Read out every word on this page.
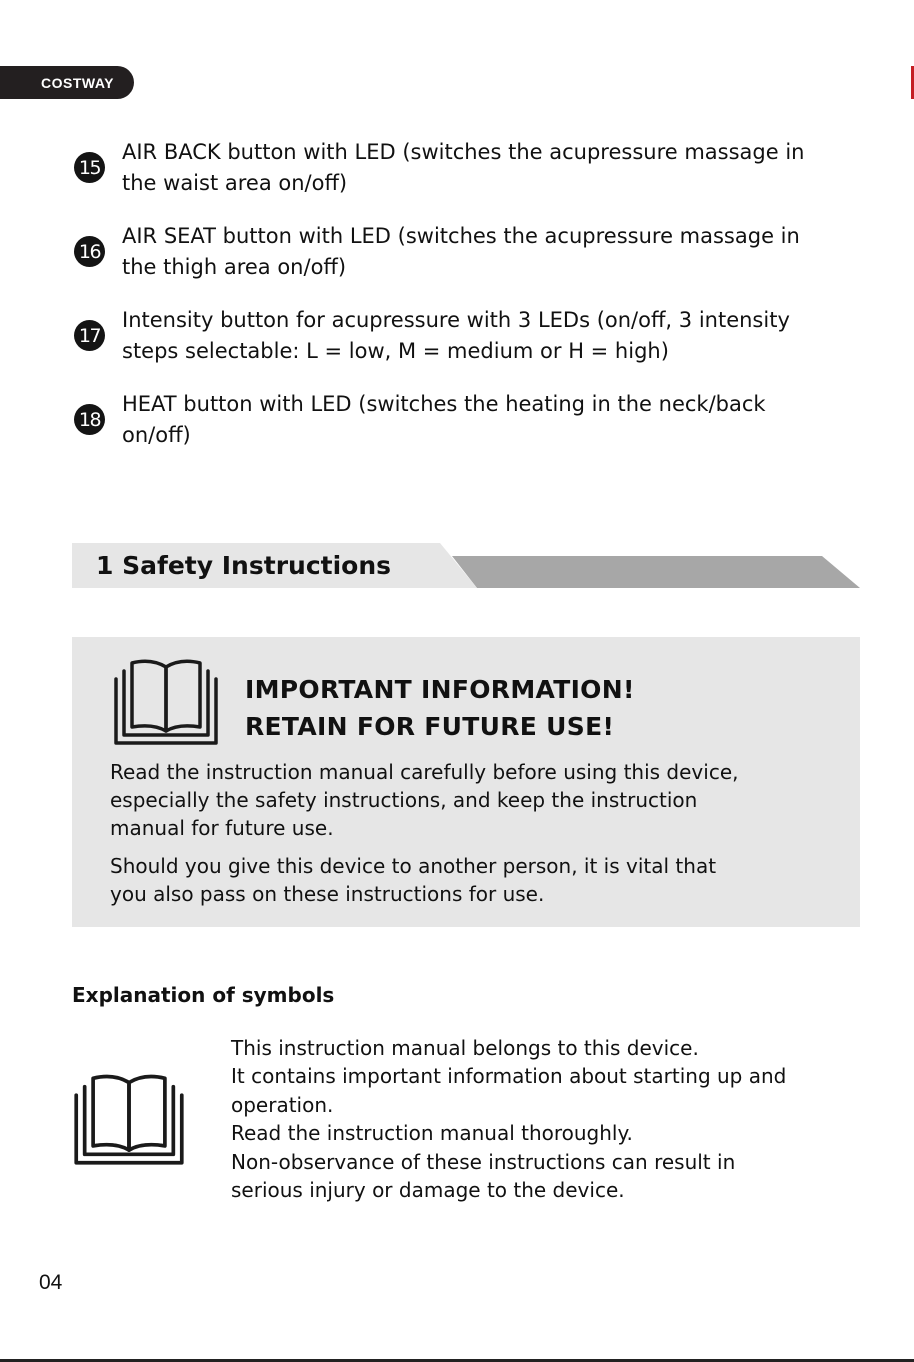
COSTWAY
15

AIR BACK button with LED (switches the acupressure massage in
the waist area on/off)

16

AIR SEAT button with LED (switches the acupressure massage in
the thigh area on/off)

17

Intensity button for acupressure with 3 LEDs (on/off, 3 intensity
steps selectable: L = low, M = medium or H = high)

18

HEAT button with LED (switches the heating in the neck/back
on/off)

1 Safety Instructions

IMPORTANT INFORMATION!
RETAIN FOR FUTURE USE!

Read the instruction manual carefully before using this device,
especially the safety instructions, and keep the instruction
manual for future use.

Should you give this device to another person, it is vital that
you also pass on these instructions for use.

Explanation of symbols

This instruction manual belongs to this device.
It contains important information about starting up and
operation.
Read the instruction manual thoroughly.
Non-observance of these instructions can result in
serious injury or damage to the device.

04
